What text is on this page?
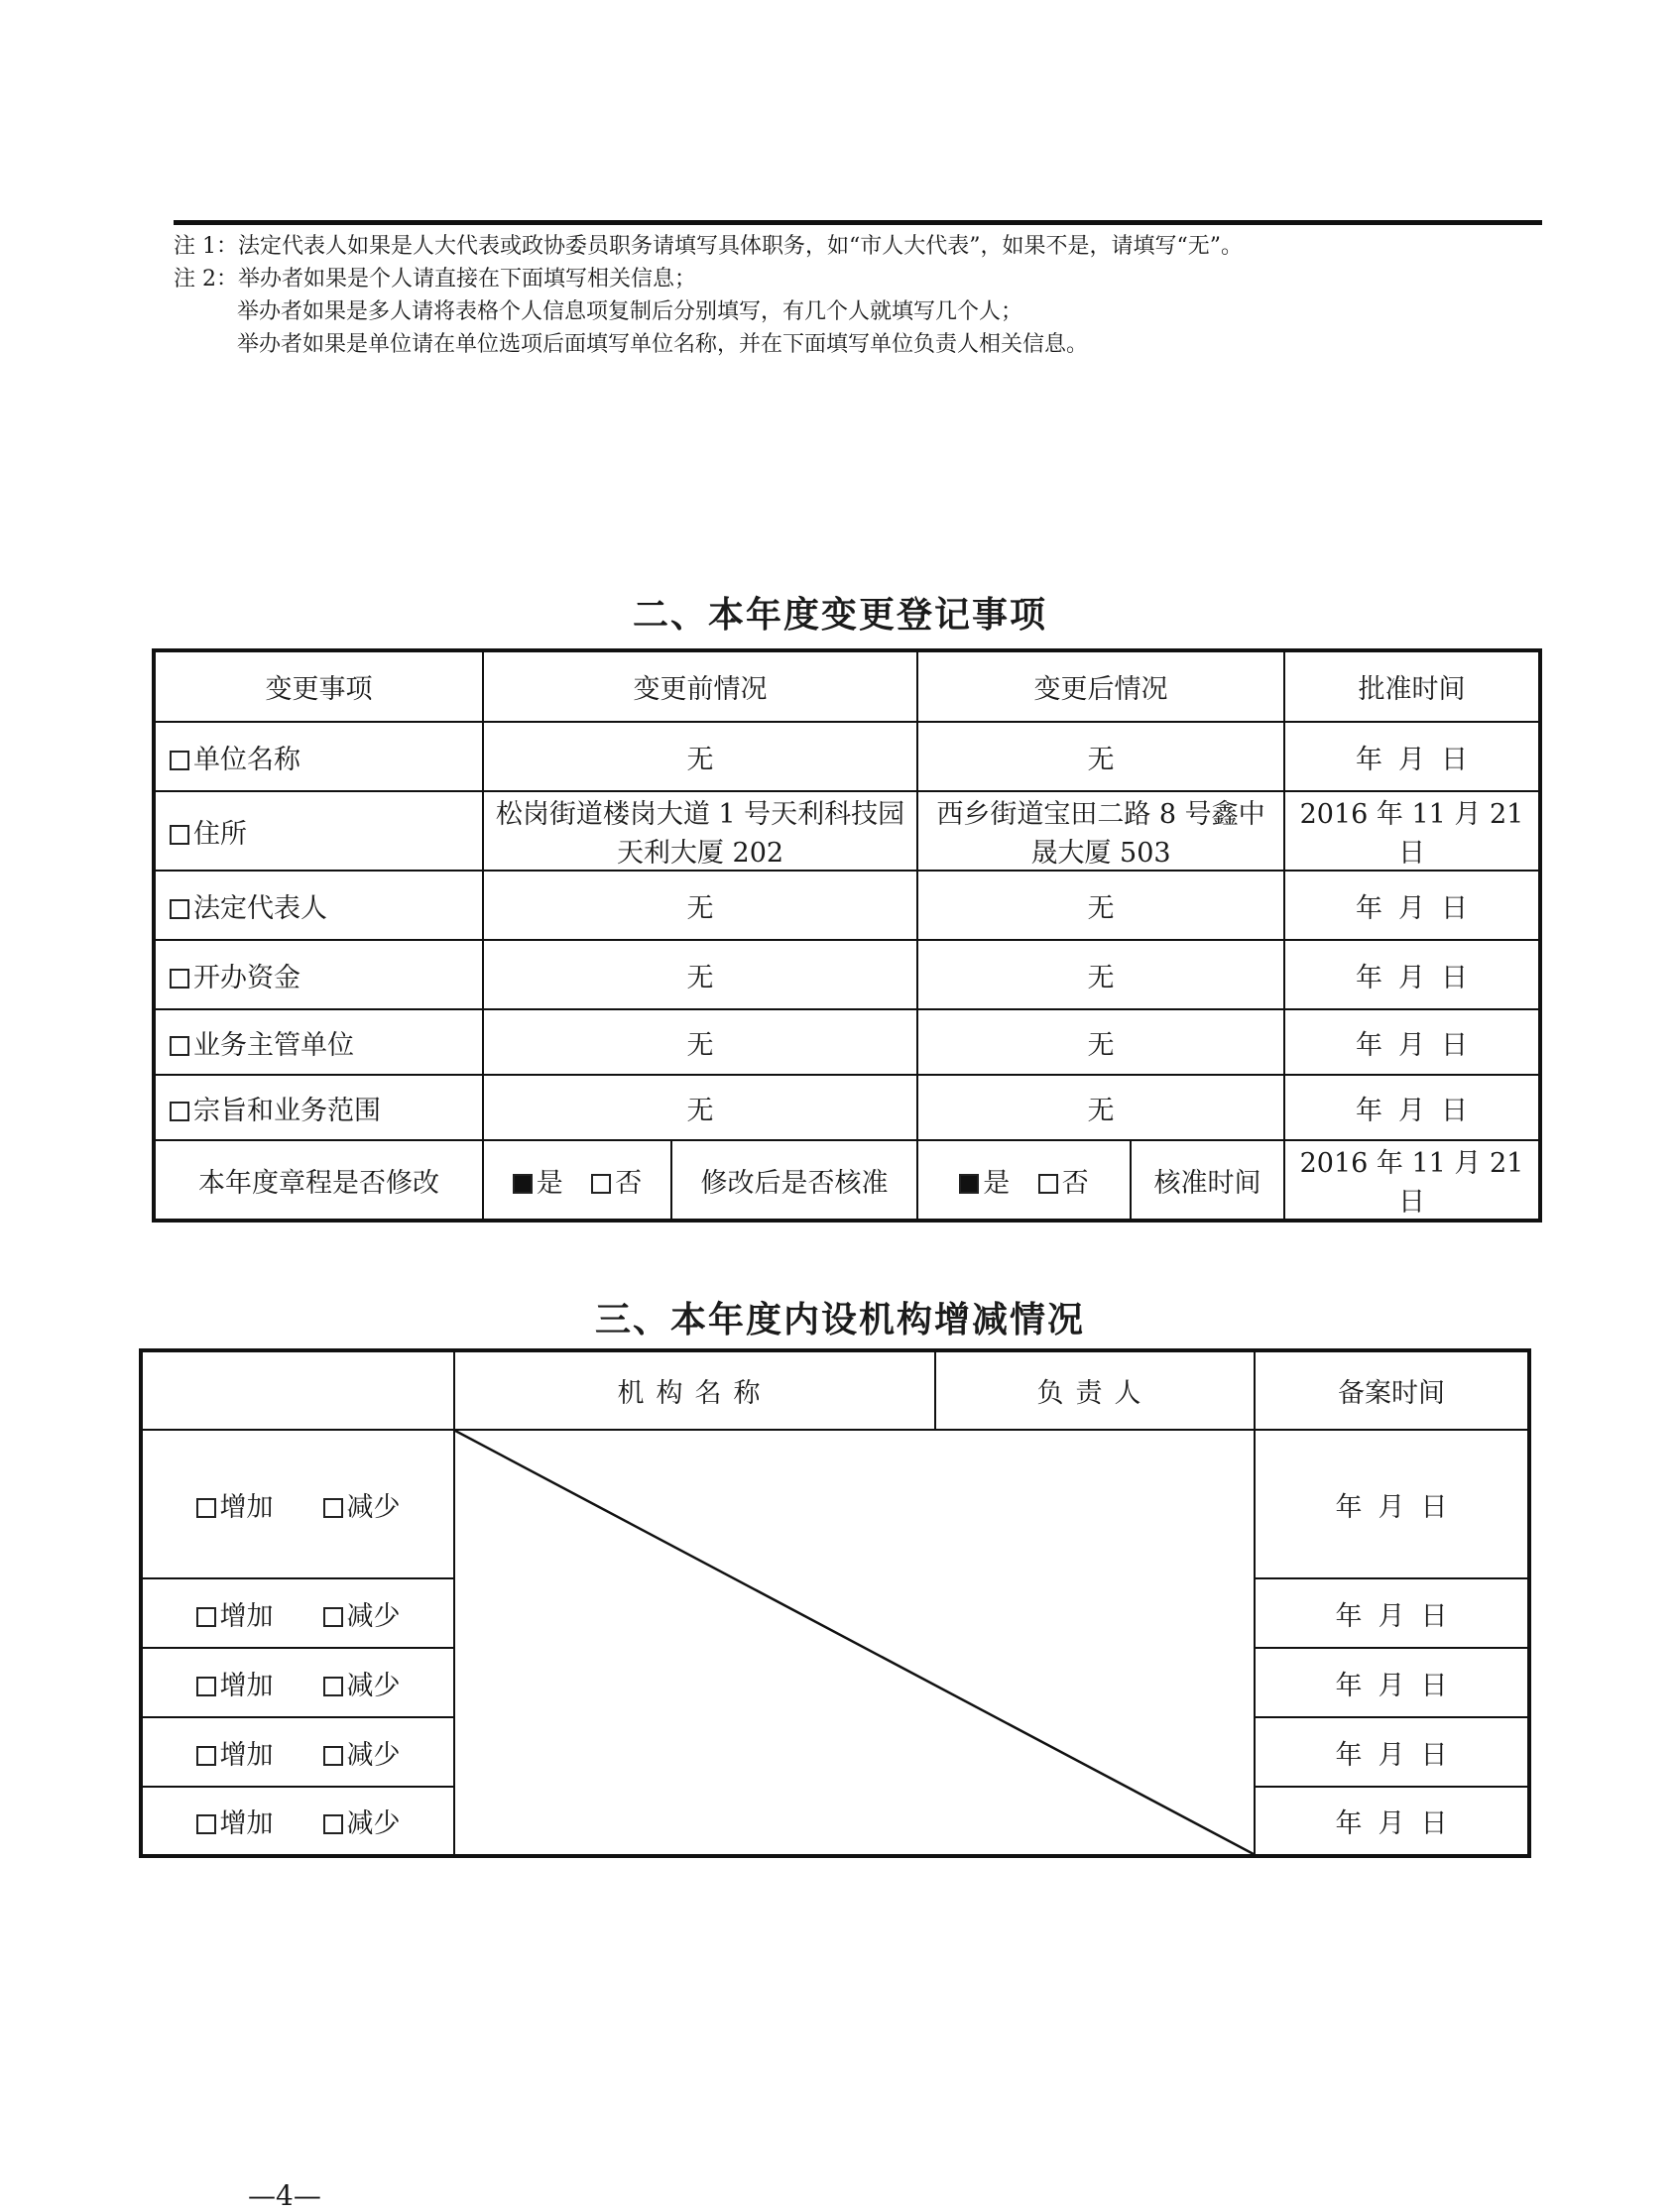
注 1：法定代表人如果是人大代表或政协委员职务请填写具体职务，如“市人大代表”，如果不是，请填写“无”。
注 2：举办者如果是个人请直接在下面填写相关信息；
举办者如果是多人请将表格个人信息项复制后分别填写，有几个人就填写几个人；
举办者如果是单位请在单位选项后面填写单位名称，并在下面填写单位负责人相关信息。
二、本年度变更登记事项
变更事项	变更前情况		变更后情况		批准时间
单位名称	无		无		年 月 日
住所	松岗街道楼岗大道 1 号天利科技园天利大厦 202		西乡街道宝田二路 8 号鑫中晟大厦 503		2016 年 11 月 21 日
法定代表人	无		无		年 月 日
开办资金	无		无		年 月 日
业务主管单位	无		无		年 月 日
宗旨和业务范围	无		无		年 月 日
本年度章程是否修改	是 否	修改后是否核准	是 否	核准时间	2016 年 11 月 21 日
三、本年度内设机构增减情况
	机构名称	负责人	备案时间
增加 减少			年 月 日
增加 减少			年 月 日
增加 减少			年 月 日
增加 减少			年 月 日
增加 减少			年 月 日
—4—
